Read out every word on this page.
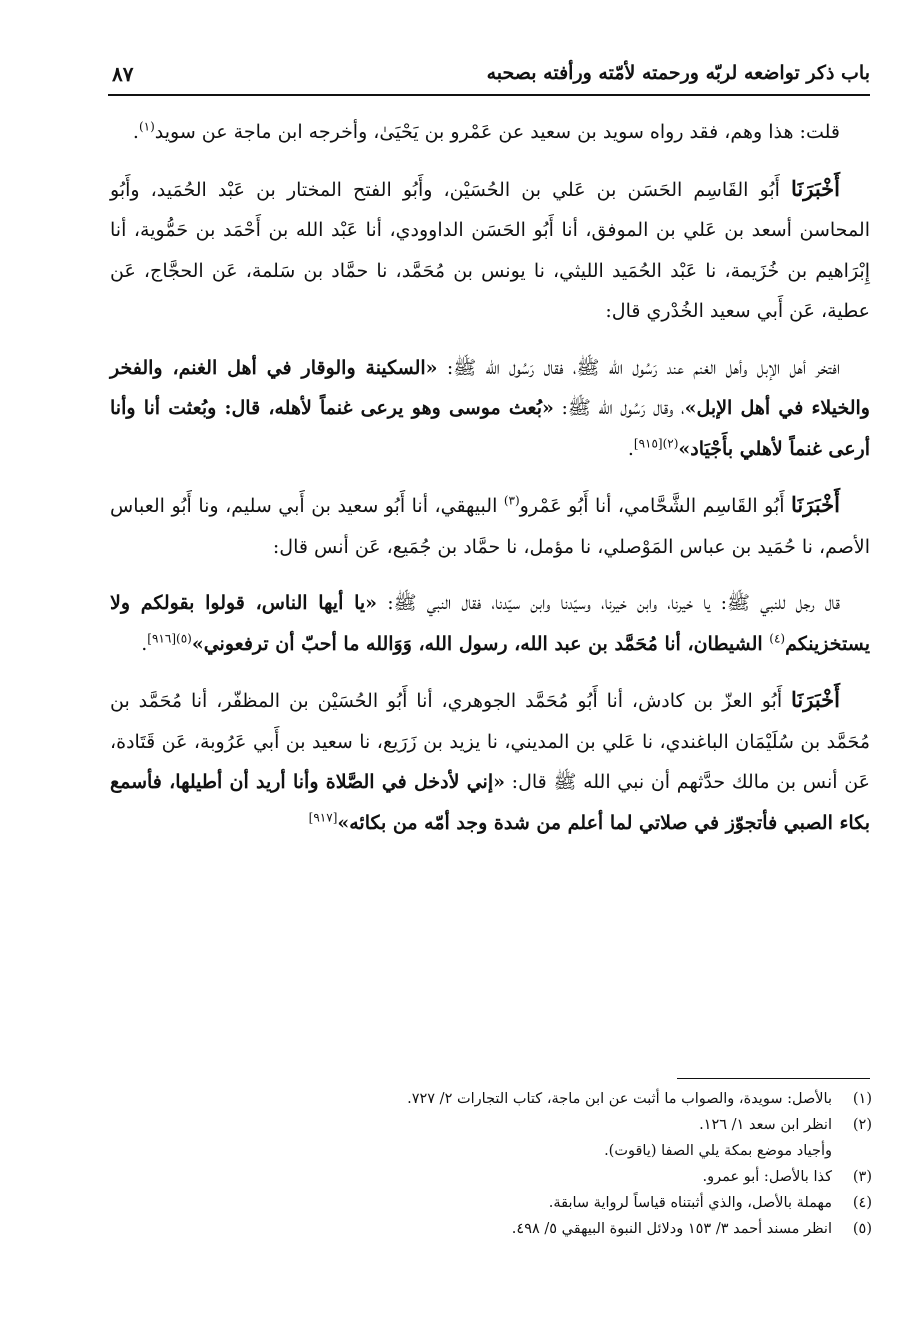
باب ذكر تواضعه لربّه ورحمته لأمّته ورأفته بصحبه
٨٧

قلت: هذا وهم، فقد رواه سويد بن سعيد عن عَمْرو بن يَحْيَىٰ، وأخرجه ابن ماجة عن سويد$^{(١)}$.

أَخْبَرَنَا أَبُو القَاسِم الحَسَن بن عَلي بن الحُسَيْن، وأَبُو الفتح المختار بن عَبْد الحُمَيد، وأَبُو المحاسن أسعد بن عَلي بن الموفق، أنا أَبُو الحَسَن الداوودي، أنا عَبْد الله بن أَحْمَد بن حَمُّوية، أنا إِبْرَاهيم بن خُزَيمة، نا عَبْد الحُمَيد الليثي، نا يونس بن مُحَمَّد، نا حمَّاد بن سَلمة، عَن الحجَّاج، عَن عطية، عَن أَبي سعيد الخُدْري قال:

افتخر أهل الإبل وأهل الغنم عند رَسُول الله ﷺ، فقال رَسُول الله ﷺ: «السكينة والوقار في أهل الغنم، والفخر والخيلاء في أهل الإبل»، وقال رَسُول الله ﷺ: «بُعث موسى وهو يرعى غنماً لأهله، قال: وبُعثت أنا وأنا أرعى غنماً لأهلي بأَجْيَاد»$^{(٢)[٩١٥]}$.

أَخْبَرَنَا أَبُو القَاسِم الشَّحَّامي، أنا أَبُو عَمْرو$^{(٣)}$ البيهقي، أنا أَبُو سعيد بن أَبي سليم، ونا أَبُو العباس الأصم، نا حُمَيد بن عباس المَوْصلي، نا مؤمل، نا حمَّاد بن جُمَيع، عَن أنس قال:

قال رجل للنبي ﷺ: يا خيرنا، وابن خيرنا، وسيّدنا وابن سيّدنا، فقال النبي ﷺ: «يا أيها الناس، قولوا بقولكم ولا يستخزينكم$^{(٤)}$ الشيطان، أنا مُحَمَّد بن عبد الله، رسول الله، وَوَالله ما أحبّ أن ترفعوني»$^{(٥)[٩١٦]}$.

أَخْبَرَنَا أَبُو العزّ بن كادش، أنا أَبُو مُحَمَّد الجوهري، أنا أَبُو الحُسَيْن بن المظفّر، أنا مُحَمَّد بن مُحَمَّد بن سُلَيْمَان الباغندي، نا عَلي بن المديني، نا يزيد بن زَرَيع، نا سعيد بن أَبي عَرُوبة، عَن قَتَادة، عَن أنس بن مالك حدَّثهم أن نبي الله ﷺ قال: «إني لأدخل في الصَّلاة وأنا أريد أن أطيلها، فأسمع بكاء الصبي فأتجوّز في صلاتي لما أعلم من شدة وجد أمّه من بكائه»[٩١٧]

(١)
بالأصل: سويدة، والصواب ما أثبت عن ابن ماجة، كتاب التجارات ٢/ ٧٢٧.
(٢)
انظر ابن سعد ١/ ١٢٦.
وأجياد موضع بمكة يلي الصفا (ياقوت).
(٣)
كذا بالأصل: أبو عمرو.
(٤)
مهملة بالأصل، والذي أثبتناه قياساً لرواية سابقة.
(٥)
انظر مسند أحمد ٣/ ١٥٣ ودلائل النبوة البيهقي ٥/ ٤٩٨.
